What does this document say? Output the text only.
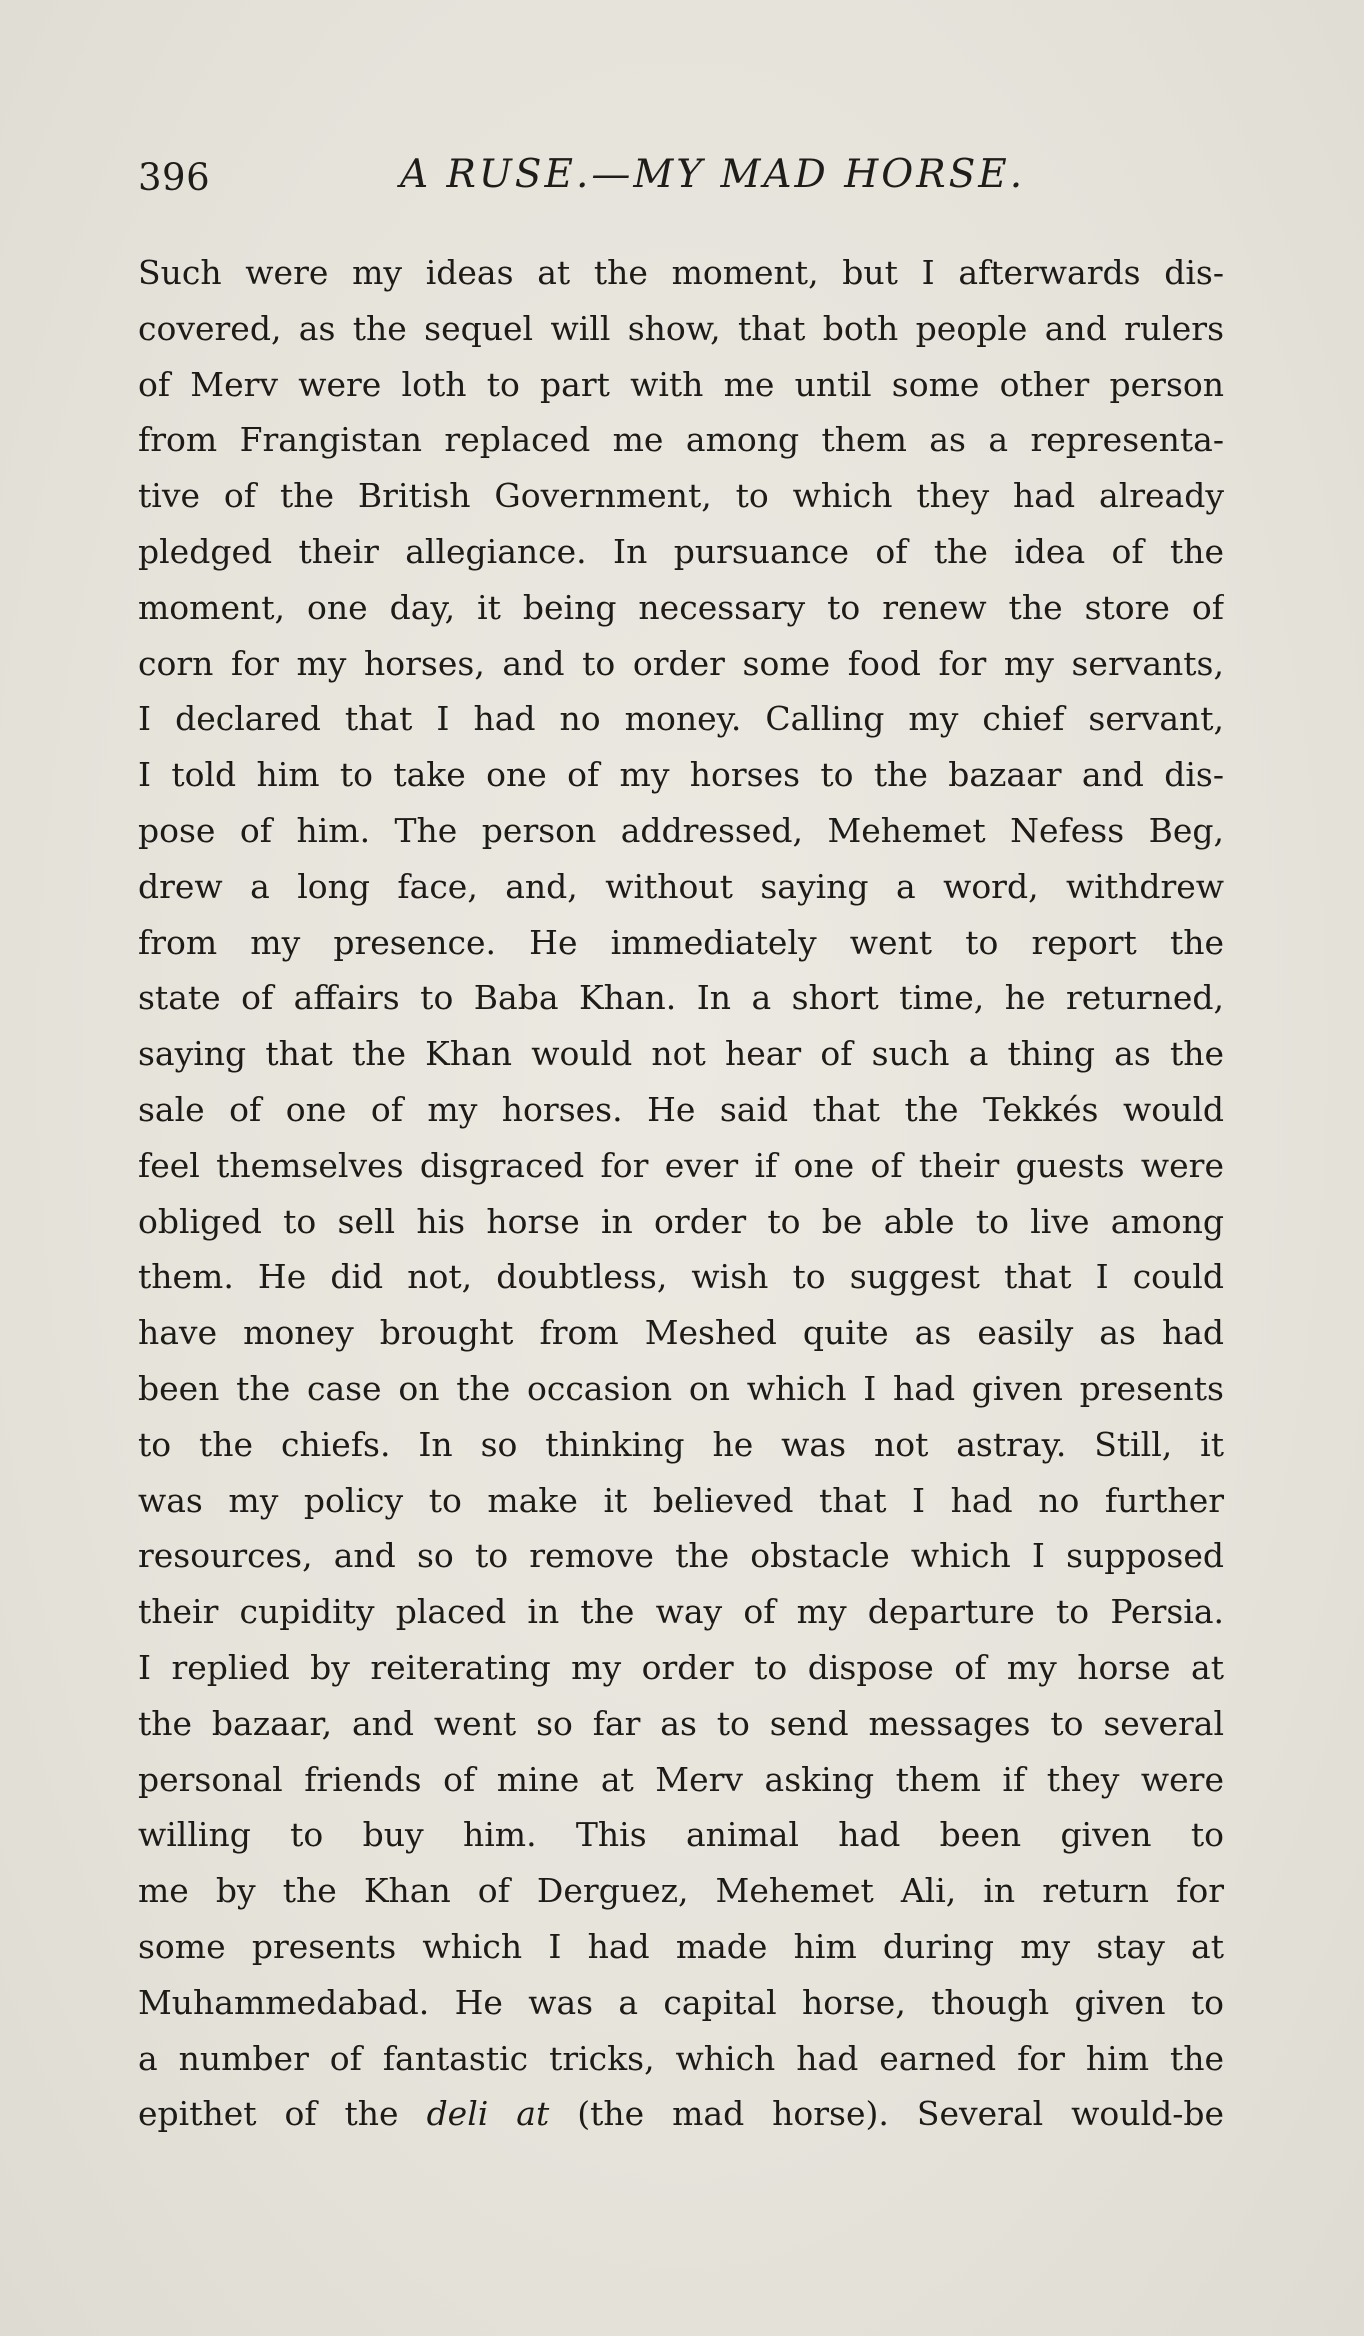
396	A RUSE.—MY MAD HORSE.
Such were my ideas at the moment, but I afterwards dis-
covered, as the sequel will show, that both people and rulers
of Merv were loth to part with me until some other person
from Frangistan replaced me among them as a representa-
tive of the British Government, to which they had already
pledged their allegiance. In pursuance of the idea of the
moment, one day, it being necessary to renew the store of
corn for my horses, and to order some food for my servants,
I declared that I had no money. Calling my chief servant,
I told him to take one of my horses to the bazaar and dis-
pose of him. The person addressed, Mehemet Nefess Beg,
drew a long face, and, without saying a word, withdrew
from my presence. He immediately went to report the
state of affairs to Baba Khan. In a short time, he returned,
saying that the Khan would not hear of such a thing as the
sale of one of my horses. He said that the Tekkés would
feel themselves disgraced for ever if one of their guests were
obliged to sell his horse in order to be able to live among
them. He did not, doubtless, wish to suggest that I could
have money brought from Meshed quite as easily as had
been the case on the occasion on which I had given presents
to the chiefs. In so thinking he was not astray. Still, it
was my policy to make it believed that I had no further
resources, and so to remove the obstacle which I supposed
their cupidity placed in the way of my departure to Persia.
I replied by reiterating my order to dispose of my horse at
the bazaar, and went so far as to send messages to several
personal friends of mine at Merv asking them if they were
willing to buy him. This animal had been given to
me by the Khan of Derguez, Mehemet Ali, in return for
some presents which I had made him during my stay at
Muhammedabad. He was a capital horse, though given to
a number of fantastic tricks, which had earned for him the
epithet of the deli at (the mad horse). Several would-be
